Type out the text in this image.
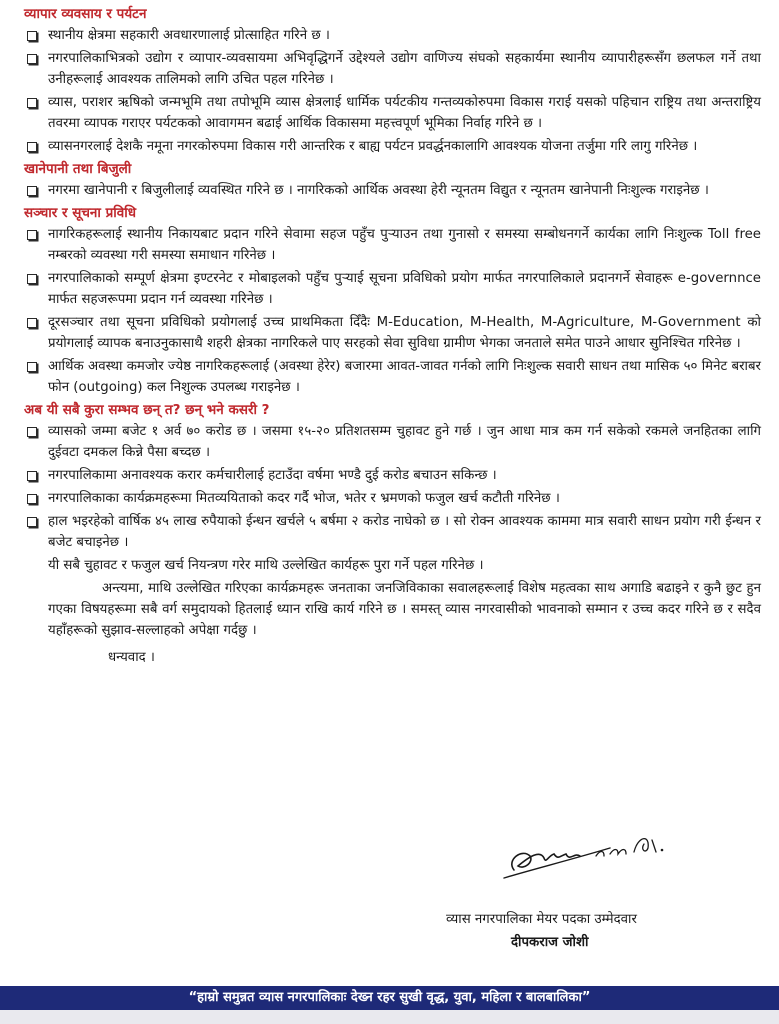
व्यापार व्यवसाय र पर्यटन
स्थानीय क्षेत्रमा सहकारी अवधारणालाई प्रोत्साहित गरिने छ ।
नगरपालिकाभित्रको उद्योग र व्यापार-व्यवसायमा अभिवृद्धिगर्ने उद्देश्यले उद्योग वाणिज्य संघको सहकार्यमा स्थानीय व्यापारीहरूसँग छलफल गर्ने तथा उनीहरूलाई आवश्यक तालिमको लागि उचित पहल गरिनेछ ।
व्यास, पराशर ऋषिको जन्मभूमि तथा तपोभूमि व्यास क्षेत्रलाई धार्मिक पर्यटकीय गन्तव्यकोरुपमा विकास गराई यसको पहिचान राष्ट्रिय तथा अन्तराष्ट्रिय तवरमा व्यापक गराएर पर्यटकको आवागमन बढाई आर्थिक विकासमा महत्त्वपूर्ण भूमिका निर्वाह गरिने छ ।
व्यासनगरलाई देशकै नमूना नगरकोरुपमा विकास गरी आन्तरिक र बाह्य पर्यटन प्रवर्द्धनकालागि आवश्यक योजना तर्जुमा गरि लागु गरिनेछ ।
खानेपानी तथा बिजुली
नगरमा खानेपानी र बिजुलीलाई व्यवस्थित गरिने छ । नागरिकको आर्थिक अवस्था हेरी न्यूनतम विद्युत र न्यूनतम खानेपानी निःशुल्क गराइनेछ ।
सञ्चार र सूचना प्रविधि
नागरिकहरूलाई स्थानीय निकायबाट प्रदान गरिने सेवामा सहज पहुँच पुऱ्याउन तथा गुनासो र समस्या सम्बोधनगर्ने कार्यका लागि निःशुल्क Toll free नम्बरको व्यवस्था गरी समस्या समाधान गरिनेछ ।
नगरपालिकाको सम्पूर्ण क्षेत्रमा इण्टरनेट र मोबाइलको पहुँच पुऱ्याई सूचना प्रविधिको प्रयोग मार्फत नगरपालिकाले प्रदानगर्ने सेवाहरू e-governnce मार्फत सहजरूपमा प्रदान गर्न व्यवस्था गरिनेछ ।
दूरसञ्चार तथा सूचना प्रविधिको प्रयोगलाई उच्च प्राथमिकता दिँदैः M-Education, M-Health, M-Agriculture, M-Government को प्रयोगलाई व्यापक बनाउनुकासाथै शहरी क्षेत्रका नागरिकले पाए सरहको सेवा सुविधा ग्रामीण भेगका जनताले समेत पाउने आधार सुनिश्चित गरिनेछ ।
आर्थिक अवस्था कमजोर ज्येष्ठ नागरिकहरूलाई (अवस्था हेरेर) बजारमा आवत-जावत गर्नको लागि निःशुल्क सवारी साधन तथा मासिक ५० मिनेट बराबर फोन (outgoing) कल निशुल्क उपलब्ध गराइनेछ ।
अब यी सबै कुरा सम्भव छन् त? छन् भने कसरी ?
व्यासको जम्मा बजेट १ अर्व ७० करोड छ । जसमा १५-२० प्रतिशतसम्म चुहावट हुने गर्छ । जुन आधा मात्र कम गर्न सकेको रकमले जनहितका लागि दुईवटा दमकल किन्ने पैसा बच्दछ ।
नगरपालिकामा अनावश्यक करार कर्मचारीलाई हटाउँदा वर्षमा भण्डै दुई करोड बचाउन सकिन्छ ।
नगरपालिकाका कार्यक्रमहरूमा मितव्ययिताको कदर गर्दै भोज, भतेर र भ्रमणको फजुल खर्च कटौती गरिनेछ ।
हाल भइरहेको वार्षिक ४५ लाख रुपैयाको ईन्धन खर्चले ५ बर्षमा २ करोड नाघेको छ । सो रोक्न आवश्यक काममा मात्र सवारी साधन प्रयोग गरी ईन्धन र बजेट बचाइनेछ ।
यी सबै चुहावट र फजुल खर्च नियन्त्रण गरेर माथि उल्लेखित कार्यहरू पुरा गर्ने पहल गरिनेछ ।
अन्त्यमा, माथि उल्लेखित गरिएका कार्यक्रमहरू जनताका जनजिविकाका सवालहरूलाई विशेष महत्वका साथ अगाडि बढाइने र कुनै छुट हुन गएका विषयहरूमा सबै वर्ग समुदायको हितलाई ध्यान राखि कार्य गरिने छ । समस्त् व्यास नगरवासीको भावनाको सम्मान र उच्च कदर गरिने छ र सदैव यहाँहरूको सुझाव-सल्लाहको अपेक्षा गर्दछु ।
धन्यवाद ।
व्यास नगरपालिका मेयर पदका उम्मेदवार
दीपकराज जोशी
“हाम्रो समुन्नत व्यास नगरपालिकाः देख्न रहर सुखी वृद्ध, युवा, महिला र बालबालिका”
